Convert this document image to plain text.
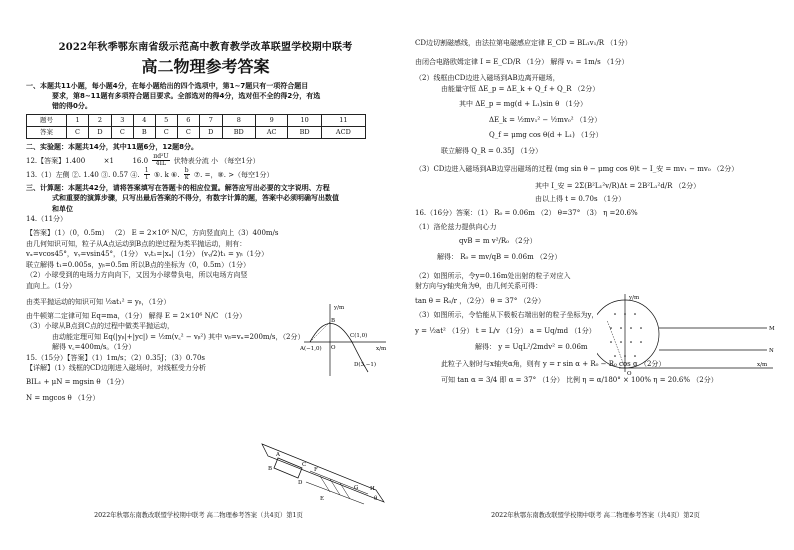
2022年秋季鄂东南省级示范高中教育教学改革联盟学校期中联考
高二物理参考答案
一、本题共11小题，每小题4分，在每小题给出的四个选项中，第1~7题只有一项符合题目
要求，第8~11题有多项符合题目要求。全部选对的得4分，选对但不全的得2分，有选
错的得0分。
题号	1	2	3	4	5	6	7	8	9	10	11
答案	C	D	C	B	C	C	D	BD	AC	BD	ACD
二、实验题：本题共14分，其中11题6分，12题8分。
12.【答案】1.400	×1	$16.0 \frac{\text{πd²U}}{4IL}$ 伏特表分流 小 （每空1分）
13.（1）左侧 ②. 1.40 ③. 0.57 ④. $\frac{1}{I}$ ⑤. k ⑥. $\frac{b}{k}$ ⑦. =，⑧. >（每空1分）
三、计算题：本题共42分，请将答案填写在答题卡的相应位置。解答应写出必要的文字说明、方程
式和重要的演算步骤，只写出最后答案的不得分，有数字计算的题，答案中必须明确写出数值
和单位
14.（11分）
【答案】（1）（0，0.5m） （2） E = 2×10⁶ N/C，方向竖直向上（3）400m/s
由几何知识可知，粒子从A点运动到B点的逆过程为类平抛运动，则有：
vₓ=vcos45°，vᵧ=vsin45°，（1分） vᵧt₁=|xₐ|（1分） (vᵧ/2)t₁ = yᵦ（1分）
联立解得 t₁=0.005s，yᵦ=0.5m 所以B点的坐标为（0，0.5m）（1分）
（2）小球受到的电场力方向向下，又因为小球带负电，所以电场方向竖
直向上。（1分）
由类平抛运动的知识可知 ½at₁² = yᵦ，（1分）
由牛顿第二定律可知 Eq=ma，（1分） 解得 E = 2×10⁶ N/C （1分）
（3）小球从B点到C点的过程中做类平抛运动，
由动能定理可知 Eq(|yᵦ|+|yc|) = ½m(v꜀² − vᵦ²) 其中 vᵦ=vₓ=200m/s，（2分）
解得 v꜀=400m/s。（1分）
15.（15分）【答案】（1）1m/s；（2）0.35J；（3）0.70s
【详解】（1）线框的CD边刚进入磁场时，对线框受力分析
BIL₁ + μN = mgsin θ （1分）
N = mgcos θ （1分）
y/m
x/m
B
O
A(−1,0)
C(1,0)
D(3,−1)
A
B
C
D
E
F
G H
θ
2022年秋鄂东南教改联盟学校期中联考 高二物理参考答案（共4页）第1页
CD边切割磁感线，由法拉第电磁感应定律 E_CD = BL₁v₁/R （1分）
由闭合电路欧姆定律 I = E_CD/R （1分） 解得 v₁ = 1m/s （1分）
（2）线框由CD边进入磁场到AB边离开磁场，
由能量守恒 ΔE_p = ΔE_k + Q_f + Q_R （2分）
其中 ΔE_p = mg(d + L₁)sin θ （1分）
ΔE_k = ½mv₁² − ½mv₀² （1分）
Q_f = μmg cos θ(d + L₁) （1分）
联立解得 Q_R = 0.35J （1分）
（3）CD边进入磁场到AB边穿出磁场的过程 (mg sin θ − μmg cos θ)t − I_安 = mv₁ − mv₀ （2分）
其中 I_安 = 2Σ(B²L₁²v/R)Δt = 2B²L₁²d/R （2分）
由以上得 t = 0.70s （1分）
16.（16分）答案：（1） R₀ = 0.06m （2） θ=37° （3） η =20.6%
（1）洛伦兹力提供向心力
qvB = m v²/R₀ （2分）
解得： R₀ = mv/qB = 0.06m （2分）
（2）如图所示，令y=0.16m处出射的粒子对应入
射方向与y轴夹角为θ，由几何关系可得：
tan θ = R₀/r ，（2分） θ = 37° （2分）
（3）如图所示，令恰能从下极板右端出射的粒子坐标为y，
y = ½at² （1分） t = L/v （1分） a = Uq/md （1分）
解得： y = UqL²/2mdv² = 0.06m
此粒子入射时与x轴夹α角，则有 y = r sin α + R₀ − R₀ cos α （2分）
可知 tan α = 3/4 即 α = 37° （1分） 比例 η = α/180° × 100% η = 20.6% （2分）
y/m
x/m
O
M
N
2022年秋鄂东南教改联盟学校期中联考 高二物理参考答案（共4页）第2页
